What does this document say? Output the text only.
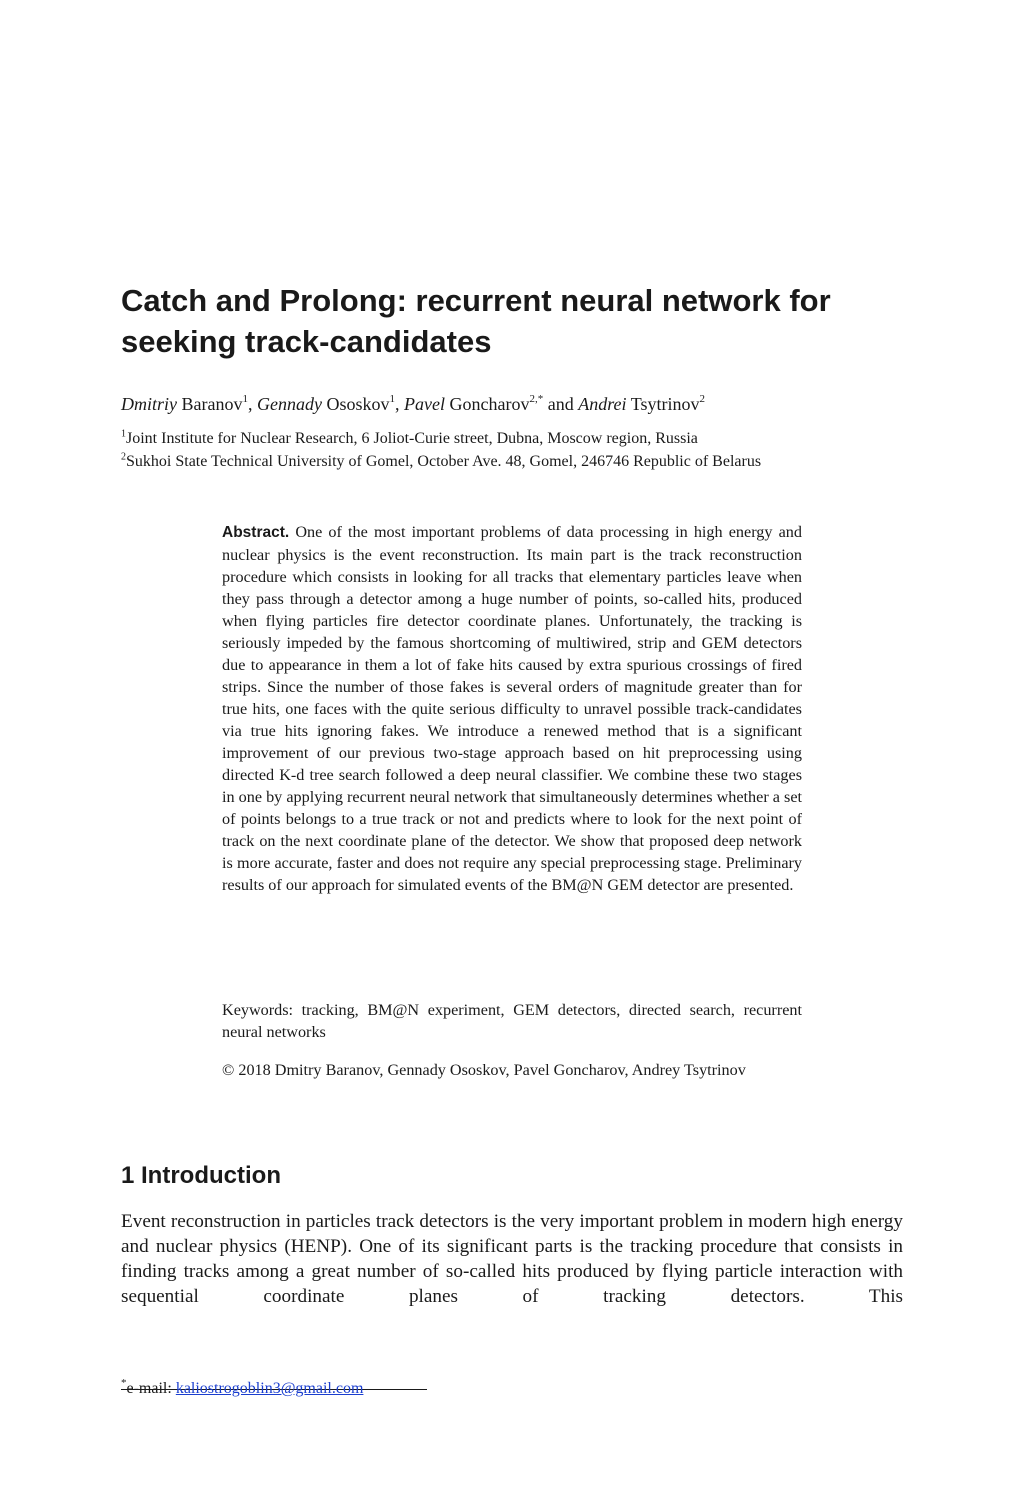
Catch and Prolong: recurrent neural network for seeking track-candidates
Dmitriy Baranov$^1$, Gennady Ososkov$^1$, Pavel Goncharov$^{2,*}$ and Andrei Tsytrinov$^2$
$^1$Joint Institute for Nuclear Research, 6 Joliot-Curie street, Dubna, Moscow region, Russia
$^2$Sukhoi State Technical University of Gomel, October Ave. 48, Gomel, 246746 Republic of Belarus
Abstract. One of the most important problems of data processing in high energy and nuclear physics is the event reconstruction. Its main part is the track reconstruction procedure which consists in looking for all tracks that elementary particles leave when they pass through a detector among a huge number of points, so-called hits, produced when flying particles fire detector coordinate planes. Unfortunately, the tracking is seriously impeded by the famous shortcoming of multiwired, strip and GEM detectors due to appearance in them a lot of fake hits caused by extra spurious crossings of fired strips. Since the number of those fakes is several orders of magnitude greater than for true hits, one faces with the quite serious difficulty to unravel possible track-candidates via true hits ignoring fakes. We introduce a renewed method that is a significant improvement of our previous two-stage approach based on hit preprocessing using directed K-d tree search followed a deep neural classifier. We combine these two stages in one by applying recurrent neural network that simultaneously determines whether a set of points belongs to a true track or not and predicts where to look for the next point of track on the next coordinate plane of the detector. We show that proposed deep network is more accurate, faster and does not require any special preprocessing stage. Preliminary results of our approach for simulated events of the BM@N GEM detector are presented.
Keywords: tracking, BM@N experiment, GEM detectors, directed search, recurrent neural networks
© 2018 Dmitry Baranov, Gennady Ososkov, Pavel Goncharov, Andrey Tsytrinov
1 Introduction
Event reconstruction in particles track detectors is the very important problem in modern high energy and nuclear physics (HENP). One of its significant parts is the tracking procedure that consists in finding tracks among a great number of so-called hits produced by flying particle interaction with sequential coordinate planes of tracking detectors. This
*e-mail: kaliostrogoblin3@gmail.com
